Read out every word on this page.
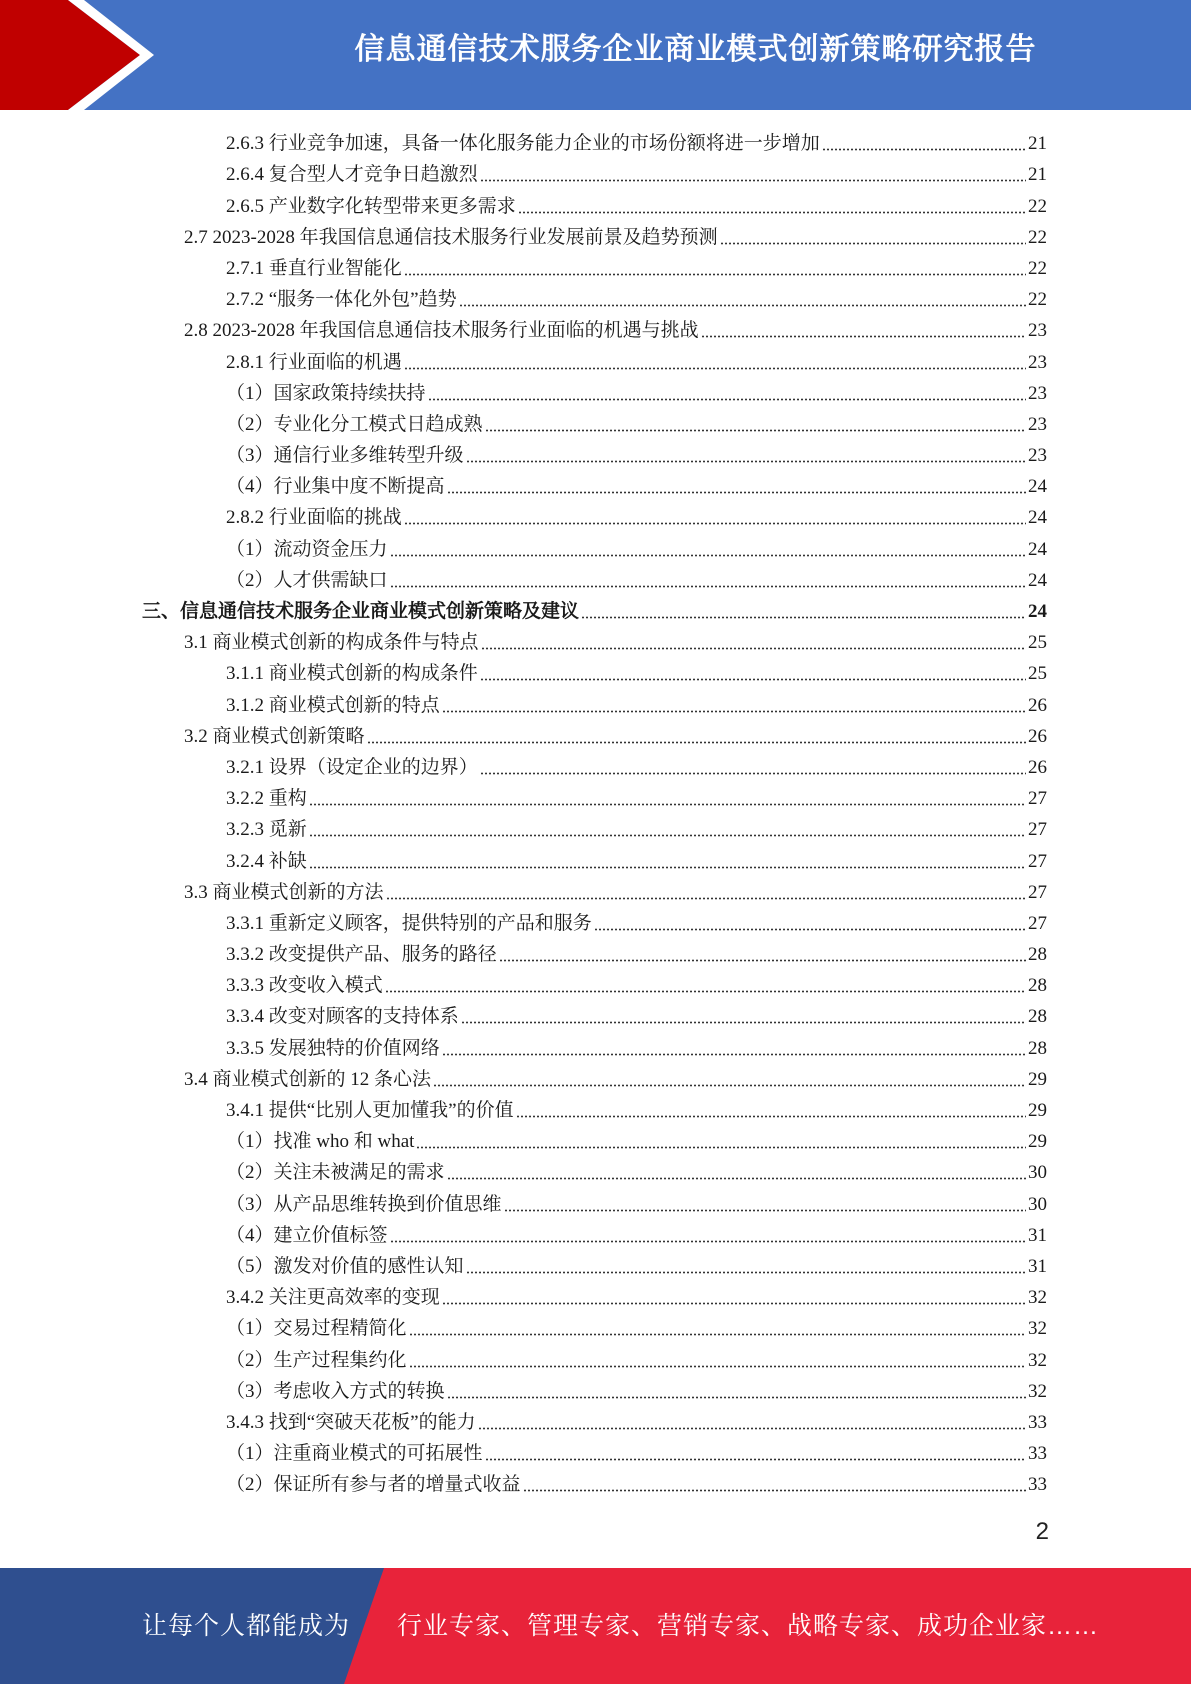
信息通信技术服务企业商业模式创新策略研究报告
2.6.3 行业竞争加速，具备一体化服务能力企业的市场份额将进一步增加	21
2.6.4 复合型人才竞争日趋激烈	21
2.6.5 产业数字化转型带来更多需求	22
2.7 2023-2028 年我国信息通信技术服务行业发展前景及趋势预测	22
2.7.1 垂直行业智能化	22
2.7.2 “服务一体化外包”趋势	22
2.8 2023-2028 年我国信息通信技术服务行业面临的机遇与挑战	23
2.8.1 行业面临的机遇	23
（1）国家政策持续扶持	23
（2）专业化分工模式日趋成熟	23
（3）通信行业多维转型升级	23
（4）行业集中度不断提高	24
2.8.2 行业面临的挑战	24
（1）流动资金压力	24
（2）人才供需缺口	24
三、信息通信技术服务企业商业模式创新策略及建议	24
3.1 商业模式创新的构成条件与特点	25
3.1.1 商业模式创新的构成条件	25
3.1.2 商业模式创新的特点	26
3.2 商业模式创新策略	26
3.2.1 设界（设定企业的边界）	26
3.2.2 重构	27
3.2.3 觅新	27
3.2.4 补缺	27
3.3 商业模式创新的方法	27
3.3.1 重新定义顾客，提供特别的产品和服务	27
3.3.2 改变提供产品、服务的路径	28
3.3.3 改变收入模式	28
3.3.4 改变对顾客的支持体系	28
3.3.5 发展独特的价值网络	28
3.4 商业模式创新的 12 条心法	29
3.4.1 提供“比别人更加懂我”的价值	29
（1）找准 who 和 what	29
（2）关注未被满足的需求	30
（3）从产品思维转换到价值思维	30
（4）建立价值标签	31
（5）激发对价值的感性认知	31
3.4.2 关注更高效率的变现	32
（1）交易过程精简化	32
（2）生产过程集约化	32
（3）考虑收入方式的转换	32
3.4.3 找到“突破天花板”的能力	33
（1）注重商业模式的可拓展性	33
（2）保证所有参与者的增量式收益	33
2
让每个人都能成为 行业专家、管理专家、营销专家、战略专家、成功企业家……
